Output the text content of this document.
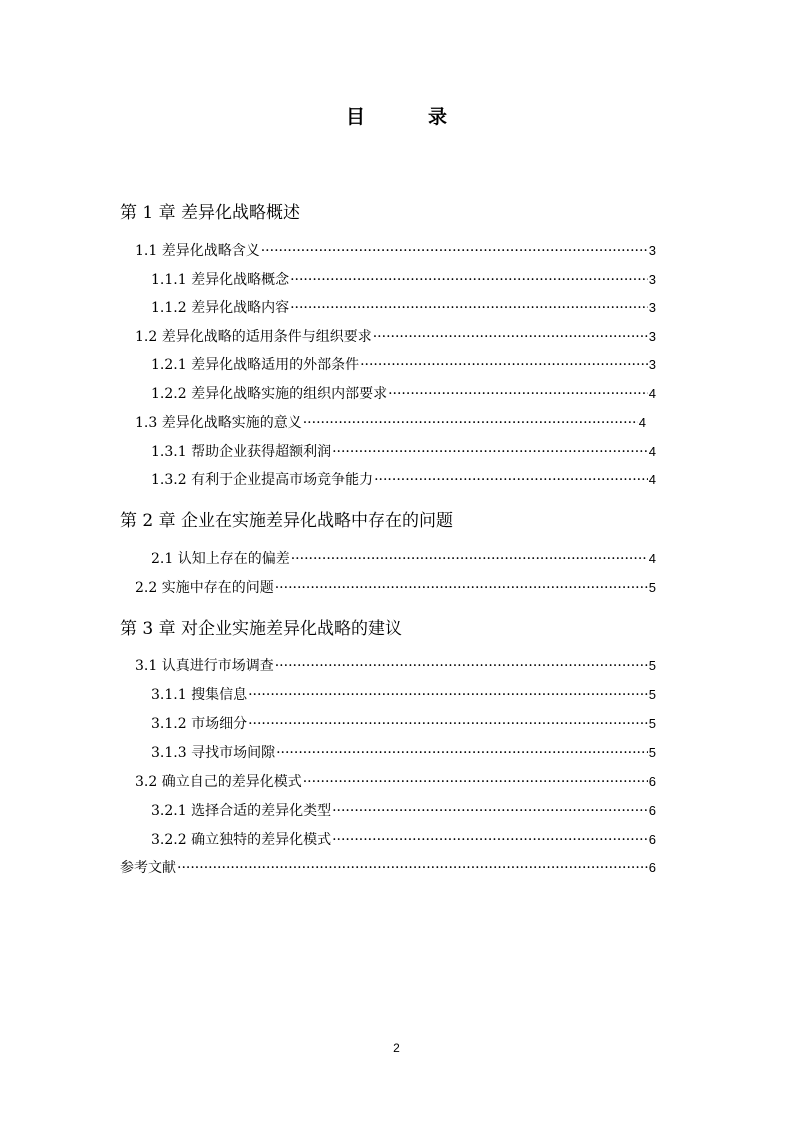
目　录
第 1 章 差异化战略概述
1.1 差异化战略含义 ·····	3
1.1.1 差异化战略概念 ·····	3
1.1.2 差异化战略内容 ·····	3
1.2 差异化战略的适用条件与组织要求 ·····	3
1.2.1 差异化战略适用的外部条件 ·····	3
1.2.2 差异化战略实施的组织内部要求 ·····	4
1.3 差异化战略实施的意义 ·····	4
1.3.1 帮助企业获得超额利润 ·····	4
1.3.2 有利于企业提高市场竞争能力 ·····	4
第 2 章 企业在实施差异化战略中存在的问题
2.1 认知上存在的偏差 ·····	4
2.2 实施中存在的问题 ·····	5
第 3 章 对企业实施差异化战略的建议
3.1 认真进行市场调查 ·····	5
3.1.1 搜集信息 ·····	5
3.1.2 市场细分 ·····	5
3.1.3 寻找市场间隙 ·····	5
3.2 确立自己的差异化模式 ·····	6
3.2.1 选择合适的差异化类型 ·····	6
3.2.2 确立独特的差异化模式 ·····	6
参考文献 ·····	6
2
